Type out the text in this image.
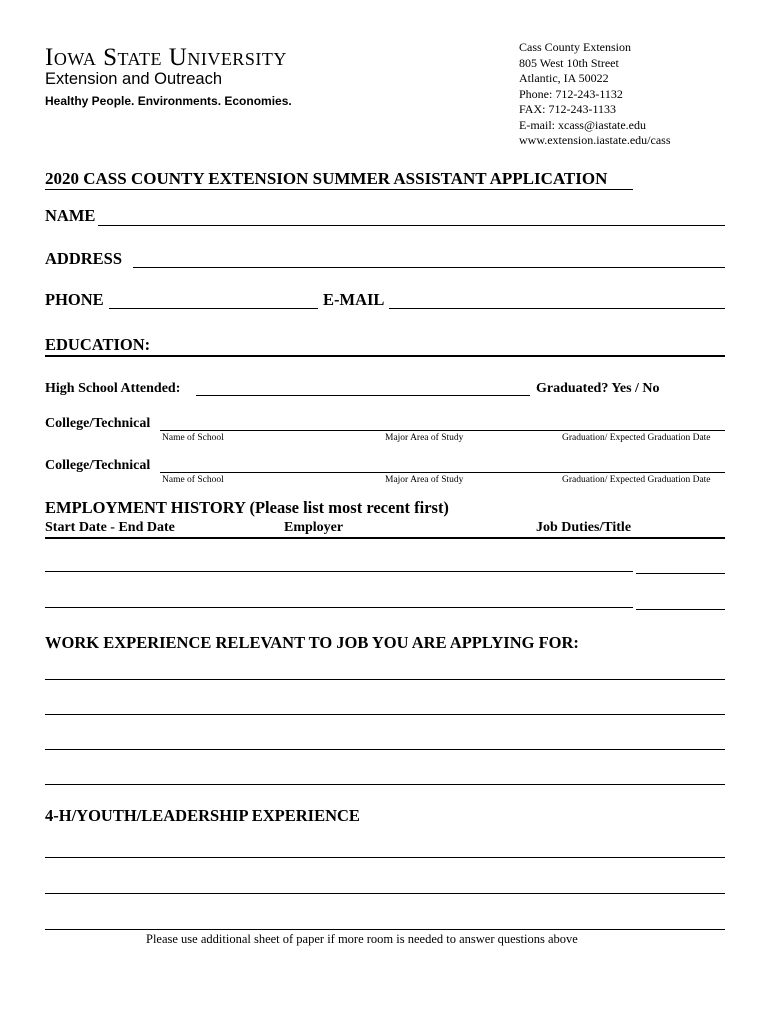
Iowa State University
Extension and Outreach
Healthy People. Environments. Economies.
Cass County Extension
805 West 10th Street
Atlantic, IA 50022
Phone: 712-243-1132
FAX: 712-243-1133
E-mail: xcass@iastate.edu
www.extension.iastate.edu/cass
2020 CASS COUNTY EXTENSION SUMMER ASSISTANT APPLICATION
NAME
ADDRESS
PHONE	E-MAIL
EDUCATION:
High School Attended:	Graduated? Yes / No
College/Technical
Name of School	Major Area of Study	Graduation/ Expected Graduation Date
College/Technical
Name of School	Major Area of Study	Graduation/ Expected Graduation Date
EMPLOYMENT HISTORY (Please list most recent first)
Start Date - End Date	Employer	Job Duties/Title
WORK EXPERIENCE RELEVANT TO JOB YOU ARE APPLYING FOR:
4-H/YOUTH/LEADERSHIP EXPERIENCE
Please use additional sheet of paper if more room is needed to answer questions above
